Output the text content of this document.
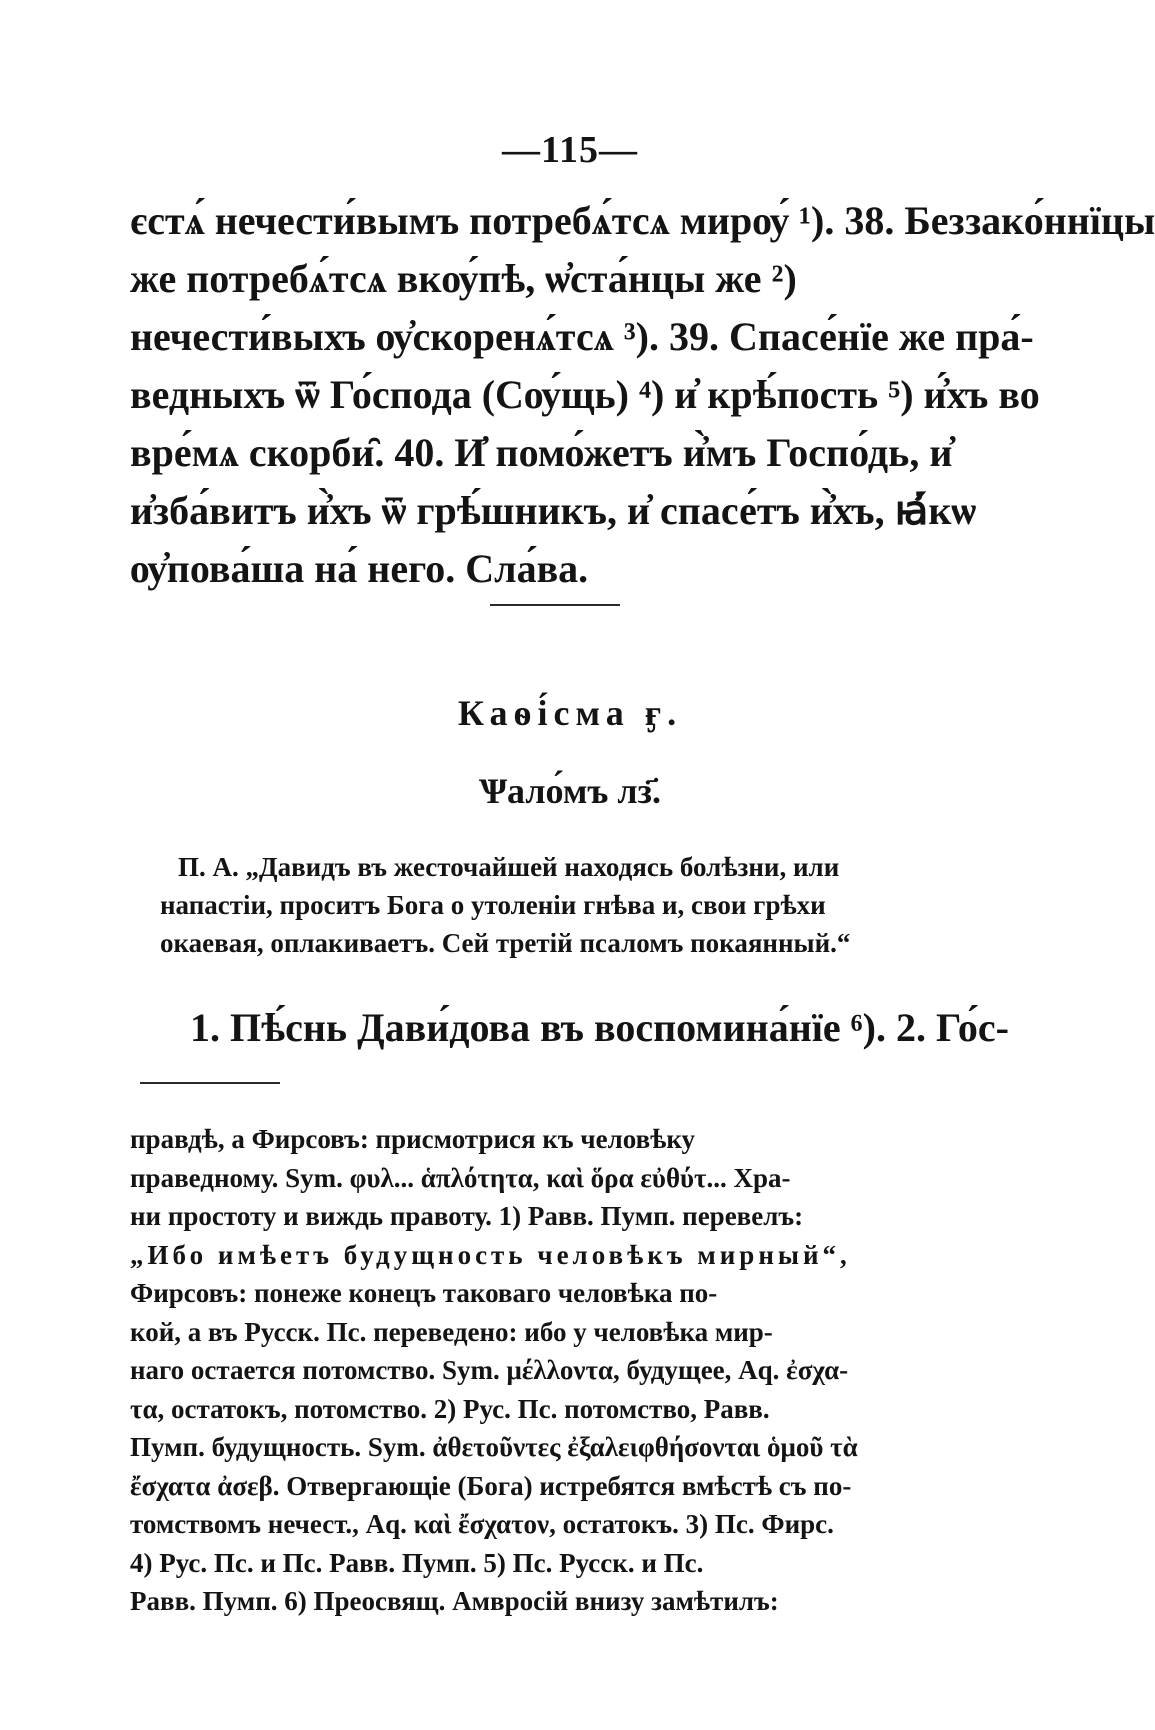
—115—
єстѧ́ нечести́вымъ потребѧ́тсѧ мирѹ́ ¹). 38. Беззако́ннїцы
же потребѧ́тсѧ вкѹ́пѣ, ѡ҆ста́нцы же ²)
нечести́выхъ ѹ҆скоренѧ́тсѧ ³). 39. Спасе́нїе же пра́-
ведныхъ ѿ Го́спода (Сѹ́щь) ⁴) и҆ крѣ́пость ⁵) и҆́хъ во
вре́мѧ скорби̑. 40. И҆ помо́жетъ и҆̀мъ Госпо́дь, и҆
и҆зба́витъ и҆̀хъ ѿ грѣ́шникъ, и҆ спасе́тъ и҆̀хъ, ꙗ҆́кѡ
ѹ҆пова́ша на́ него. Сла́ва.
Каѳі́сма ӻ.
Ѱало́мъ лз҃.
П. А. „Давидъ въ жесточайшей находясь болѣзни, или
напастіи, проситъ Бога о утоленіи гнѣва и, свои грѣхи
окаевая, оплакиваетъ. Сей третій псаломъ покаянный.“
1. Пѣ́снь Дави́дова въ воспомина́нїе ⁶). 2. Го́с-
правдѣ, а Фирсовъ: присмотрися къ человѣку
праведному. Sym. φυλ... ἁπλότητα, καὶ ὅρα εὐθύτ... Хра-
ни простоту и виждь правоту. 1) Равв. Пумп. перевелъ:
„Ибо имѣетъ будущность человѣкъ мирный“,
Фирсовъ: понеже конецъ таковаго человѣка по-
кой, а въ Русск. Пс. переведено: ибо у человѣка мир-
наго остается потомство. Sym. μέλλοντα, будущее, Aq. ἐσχα-
τα, остатокъ, потомство. 2) Рус. Пс. потомство, Равв.
Пумп. будущность. Sym. ἀθετοῦντες ἐξαλειφθήσονται ὁμοῦ τὰ
ἔσχατα ἀσεβ. Отвергающіе (Бога) истребятся вмѣстѣ съ по-
томствомъ нечест., Aq. καὶ ἔσχατον, остатокъ. 3) Пс. Фирс.
4) Рус. Пс. и Пс. Равв. Пумп. 5) Пс. Русск. и Пс.
Равв. Пумп. 6) Преосвящ. Амвросій внизу замѣтилъ:
